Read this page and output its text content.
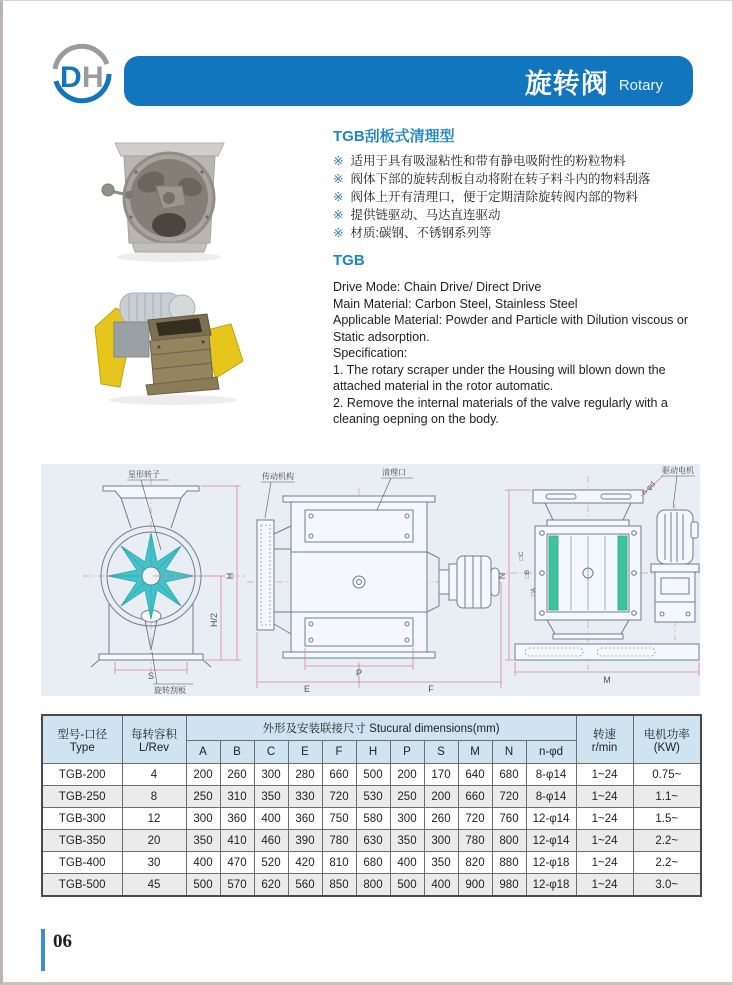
D H	旋转阀 Rotary
TGB刮板式清理型
※ 适用于具有吸湿粘性和带有静电吸附性的粉粒物料
※ 阀体下部的旋转刮板自动将附在转子料斗内的物料刮落
※ 阀体上开有清理口，便于定期清除旋转阀内部的物料
※ 提供链驱动、马达直连驱动
※ 材质:碳钢、不锈钢系列等
TGB

Drive Mode: Chain Drive/ Direct Drive

Main Material: Carbon Steel, Stainless Steel

Applicable Material: Powder and Particle with Dilution viscous or Static adsorption.

Specification:

1. The rotary scraper under the Housing will blown down the attached material in the rotor automatic.

2. Remove the internal materials of the valve regularly with a cleaning oepning on the body.

H
H/2
S	P
E	F
N
M
n-φd
□C
□B
□A
星形转子
旋转刮板
传动机构	清理口	驱动电机
型号-口径
Type

每转容积
L/Rev
	外形及安装联接尺寸 Stucural dimensions(mm)	转速
r/min

电机功率
(KW)

		A	B	C	E	F	H	P	S	M	N	n-φd		
TGB-200	4	200	260	300	280	660	500	200	170	640	680	8-φ14	1~24	0.75~
TGB-250	8	250	310	350	330	720	530	250	200	660	720	8-φ14	1~24	1.1~
TGB-300	12	300	360	400	360	750	580	300	260	720	760	12-φ14	1~24	1.5~
TGB-350	20	350	410	460	390	780	630	350	300	780	800	12-φ14	1~24	2.2~
TGB-400	30	400	470	520	420	810	680	400	350	820	880	12-φ18	1~24	2.2~
TGB-500	45	500	570	620	560	850	800	500	400	900	980	12-φ18	1~24	3.0~
06
